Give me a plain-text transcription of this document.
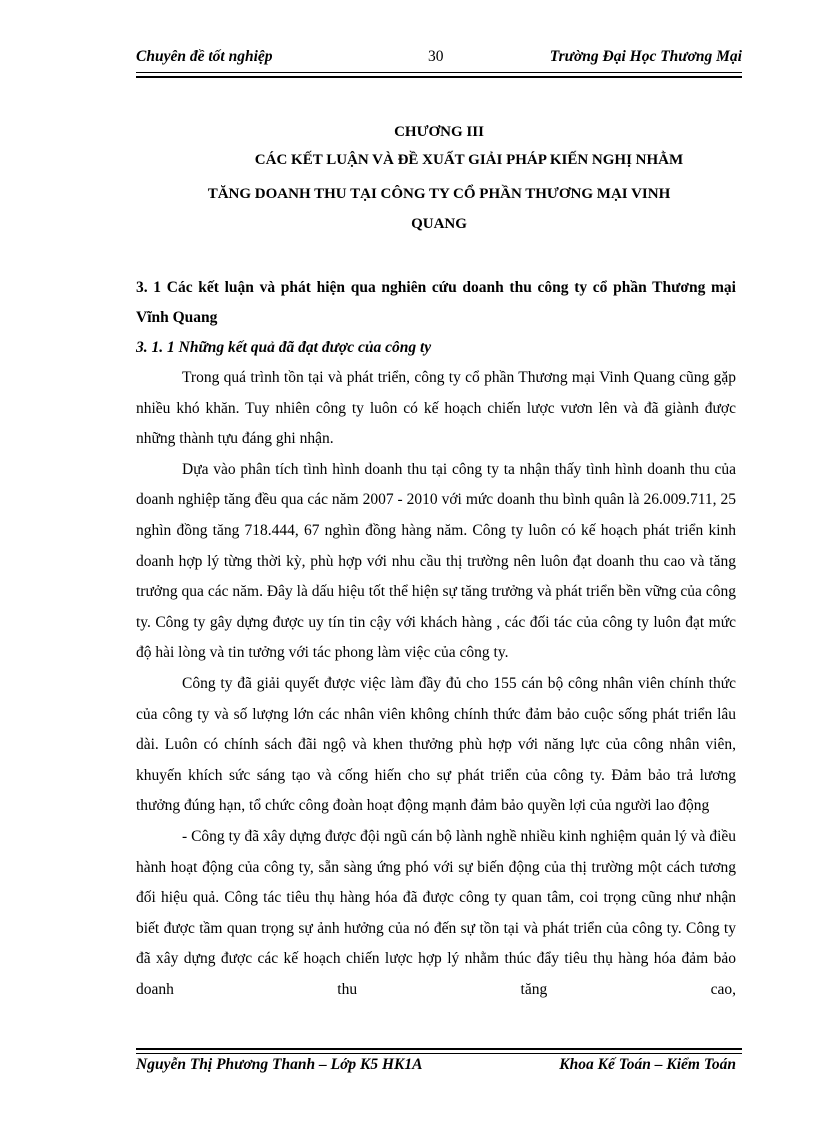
Chuyên đề tốt nghiệp	30	Trường Đại Học Thương Mại
CHƯƠNG III
CÁC KẾT LUẬN VÀ ĐỀ XUẤT GIẢI PHÁP KIẾN NGHỊ NHẰM
TĂNG DOANH THU TẠI CÔNG TY CỔ PHẦN THƯƠNG MẠI VINH
QUANG

3. 1 Các kết luận và phát hiện qua nghiên cứu doanh thu công ty cổ phần Thương mại Vĩnh Quang

3. 1. 1 Những kết quả đã đạt được của công ty

Trong quá trình tồn tại và phát triển, công ty cổ phần Thương mại Vinh Quang cũng gặp nhiều khó khăn. Tuy nhiên công ty luôn có kế hoạch chiến lược vươn lên và đã giành được những thành tựu đáng ghi nhận.

Dựa vào phân tích tình hình doanh thu tại công ty ta nhận thấy tình hình doanh thu của doanh nghiệp tăng đều qua các năm 2007 - 2010 với mức doanh thu bình quân là 26.009.711, 25 nghìn đồng tăng 718.444, 67 nghìn đồng hàng năm. Công ty luôn có kế hoạch phát triển kinh doanh hợp lý từng thời kỳ, phù hợp với nhu cầu thị trường nên luôn đạt doanh thu cao và tăng trưởng qua các năm. Đây là dấu hiệu tốt thể hiện sự tăng trưởng và phát triển bền vững của công ty. Công ty gây dựng được uy tín tin cậy với khách hàng , các đối tác của công ty luôn đạt mức độ hài lòng và tin tưởng với tác phong làm việc của công ty.

Công ty đã giải quyết được việc làm đầy đủ cho 155 cán bộ công nhân viên chính thức của công ty và số lượng lớn các nhân viên không chính thức đảm bảo cuộc sống phát triển lâu dài. Luôn có chính sách đãi ngộ và khen thưởng phù hợp với năng lực của công nhân viên, khuyến khích sức sáng tạo và cống hiến cho sự phát triển của công ty. Đảm bảo trả lương thưởng đúng hạn, tổ chức công đoàn hoạt động mạnh đảm bảo quyền lợi của người lao động

- Công ty đã xây dựng được đội ngũ cán bộ lành nghề nhiều kinh nghiệm quản lý và điều hành hoạt động của công ty, sẵn sàng ứng phó với sự biến động của thị trường một cách tương đối hiệu quả. Công tác tiêu thụ hàng hóa đã được công ty quan tâm, coi trọng cũng như nhận biết được tầm quan trọng sự ảnh hưởng của nó đến sự tồn tại và phát triển của công ty. Công ty đã xây dựng được các kế hoạch chiến lược hợp lý nhằm thúc đẩy tiêu thụ hàng hóa đảm bảo doanh thu tăng cao,

Nguyễn Thị Phương Thanh – Lớp K5 HK1A	Khoa Kế Toán – Kiểm Toán
